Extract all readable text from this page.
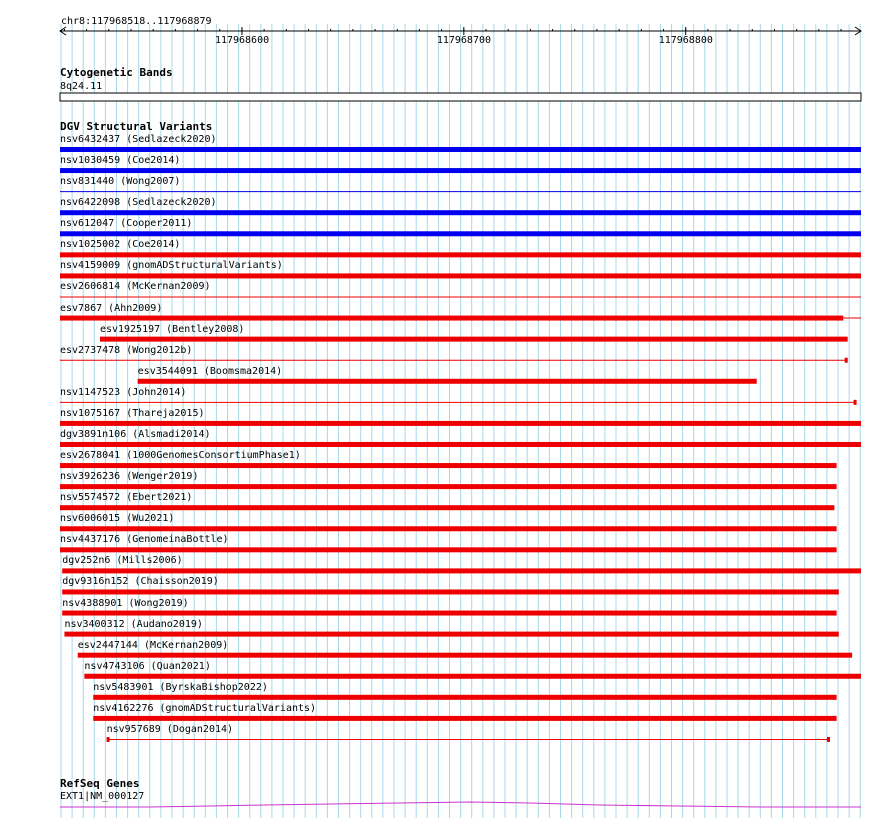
chr8:117968518..117968879
117968600	117968700	117968800
Cytogenetic Bands
8q24.11
DGV Structural Variants
nsv6432437 (Sedlazeck2020)
nsv1030459 (Coe2014)
nsv831440 (Wong2007)
nsv6422098 (Sedlazeck2020)
nsv612047 (Cooper2011)
nsv1025002 (Coe2014)
nsv4159009 (gnomADStructuralVariants)
esv2606814 (McKernan2009)
esv7867 (Ahn2009)
esv1925197 (Bentley2008)
esv2737478 (Wong2012b)
esv3544091 (Boomsma2014)
nsv1147523 (John2014)
nsv1075167 (Thareja2015)
dgv3891n106 (Alsmadi2014)
esv2678041 (1000GenomesConsortiumPhase1)
nsv3926236 (Wenger2019)
nsv5574572 (Ebert2021)
nsv6006015 (Wu2021)
nsv4437176 (GenomeinaBottle)
dgv252n6 (Mills2006)
dgv9316n152 (Chaisson2019)
nsv4388901 (Wong2019)
nsv3400312 (Audano2019)
esv2447144 (McKernan2009)
nsv4743106 (Quan2021)
nsv5483901 (ByrskaBishop2022)
nsv4162276 (gnomADStructuralVariants)
nsv957689 (Dogan2014)
RefSeq Genes
EXT1|NM_000127
